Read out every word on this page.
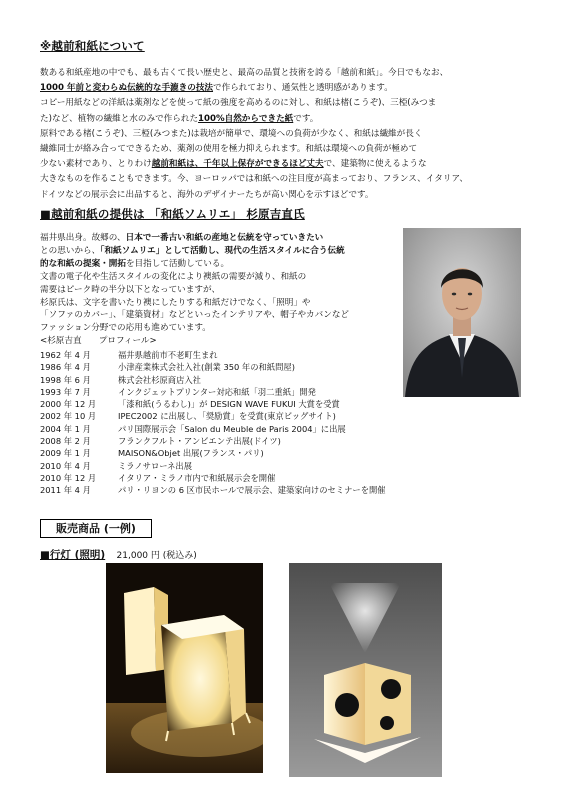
※越前和紙について

数ある和紙産地の中でも、最も古くて長い歴史と、最高の品質と技術を誇る「越前和紙」。今日でもなお、

1000 年前と変わらぬ伝統的な手漉きの技法で作られており、通気性と透明感があります。

コピー用紙などの洋紙は薬剤などを使って紙の強度を高めるのに対し、和紙は楮(こうぞ)、三椏(みつま

た)など、植物の繊維と水のみで作られた100%自然からできた紙です。

原料である楮(こうぞ)、三椏(みつまた)は栽培が簡単で、環境への負荷が少なく、和紙は繊維が長く

繊維同士が絡み合ってできるため、薬剤の使用を極力抑えられます。和紙は環境への負荷が極めて

少ない素材であり、とりわけ越前和紙は、千年以上保存ができるほど丈夫で、建築物に使えるような

大きなものを作ることもできます。今、ヨーロッパでは和紙への注目度が高まっており、フランス、イタリア、

ドイツなどの展示会に出品すると、海外のデザイナーたちが高い関心を示すほどです。

■越前和紙の提供は 「和紙ソムリエ」 杉原吉直氏

福井県出身。故郷の、日本で一番古い和紙の産地と伝統を守っていきたい

との思いから、「和紙ソムリエ」として活動し、現代の生活スタイルに合う伝統

的な和紙の提案・開拓を目指して活動している。

文書の電子化や生活スタイルの変化により襖紙の需要が減り、和紙の

需要はピーク時の半分以下となっていますが、

杉原氏は、文字を書いたり襖にしたりする和紙だけでなく、「照明」や

「ソファのカバー」、「建築資材」などといったインテリアや、帽子やカバンなど

ファッション分野での応用も進めています。

<杉原吉直　　プロフィール>

1962 年 4 月	福井県越前市不老町生まれ
1986 年 4 月	小津産業株式会社入社(創業 350 年の和紙問屋)
1998 年 6 月	株式会社杉原商店入社
1993 年 7 月	インクジェットプリンター対応和紙「羽二重紙」開発
2000 年 12 月	「漆和紙(うるわし)」が DESIGN WAVE FUKUI 大賞を受賞
2002 年 10 月	IPEC2002 に出展し、「奨励賞」を受賞(東京ビッグサイト)
2004 年 1 月	パリ国際展示会「Salon du Meuble de Paris 2004」に出展
2008 年 2 月	フランクフルト・アンビエンテ出展(ドイツ)
2009 年 1 月	MAISON&Objet 出展(フランス・パリ)
2010 年 4 月	ミラノサローネ出展
2010 年 12 月	イタリア・ミラノ市内で和紙展示会を開催
2011 年 4 月	パリ・リヨンの 6 区市民ホールで展示会、建築家向けのセミナーを開催
販売商品 (一例)
■行灯 (照明) 21,000 円 (税込み)
